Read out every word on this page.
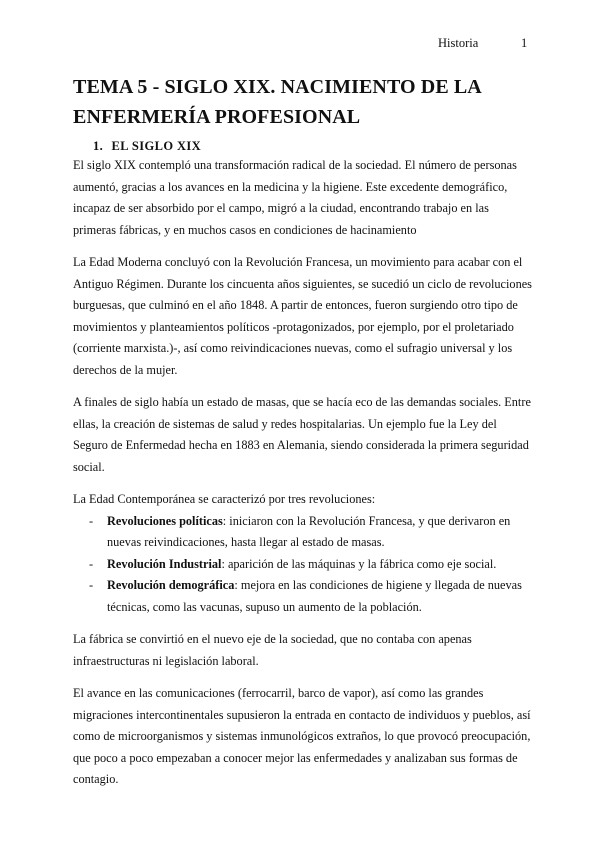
Historia	1
TEMA 5 - SIGLO XIX. NACIMIENTO DE LA
ENFERMERÍA PROFESIONAL
1. EL SIGLO XIX

El siglo XIX contempló una transformación radical de la sociedad. El número de personas aumentó, gracias a los avances en la medicina y la higiene. Este excedente demográfico, incapaz de ser absorbido por el campo, migró a la ciudad, encontrando trabajo en las primeras fábricas, y en muchos casos en condiciones de hacinamiento

La Edad Moderna concluyó con la Revolución Francesa, un movimiento para acabar con el Antiguo Régimen. Durante los cincuenta años siguientes, se sucedió un ciclo de revoluciones burguesas, que culminó en el año 1848. A partir de entonces, fueron surgiendo otro tipo de movimientos y planteamientos políticos -protagonizados, por ejemplo, por el proletariado (corriente marxista.)-, así como reivindicaciones nuevas, como el sufragio universal y los derechos de la mujer.

A finales de siglo había un estado de masas, que se hacía eco de las demandas sociales. Entre ellas, la creación de sistemas de salud y redes hospitalarias. Un ejemplo fue la Ley del Seguro de Enfermedad hecha en 1883 en Alemania, siendo considerada la primera seguridad social.

La Edad Contemporánea se caracterizó por tres revoluciones:

- Revoluciones políticas: iniciaron con la Revolución Francesa, y que derivaron en nuevas reivindicaciones, hasta llegar al estado de masas.
- Revolución Industrial: aparición de las máquinas y la fábrica como eje social.
- Revolución demográfica: mejora en las condiciones de higiene y llegada de nuevas técnicas, como las vacunas, supuso un aumento de la población.

La fábrica se convirtió en el nuevo eje de la sociedad, que no contaba con apenas infraestructuras ni legislación laboral.

El avance en las comunicaciones (ferrocarril, barco de vapor), así como las grandes migraciones intercontinentales supusieron la entrada en contacto de individuos y pueblos, así como de microorganismos y sistemas inmunológicos extraños, lo que provocó preocupación, que poco a poco empezaban a conocer mejor las enfermedades y analizaban sus formas de contagio.
